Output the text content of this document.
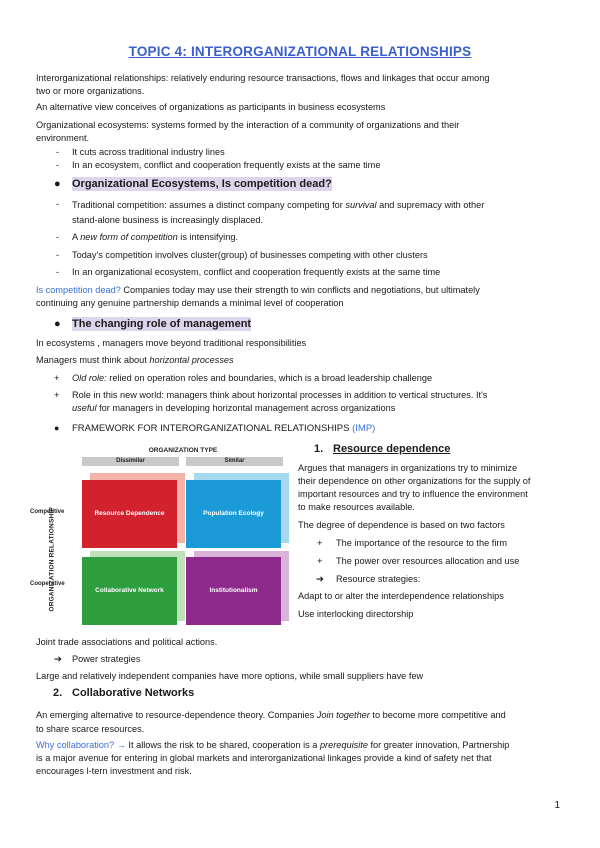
TOPIC 4: INTERORGANIZATIONAL RELATIONSHIPS
Interorganizational relationships: relatively enduring resource transactions, flows and linkages that occur among
two or more organizations.
An alternative view conceives of organizations as participants in business ecosystems
Organizational ecosystems: systems formed by the interaction of a community of organizations and their
environment.
- It cuts across traditional industry lines
- In an ecosystem, conflict and cooperation frequently exists at the same time
● Organizational Ecosystems, Is competition dead?
- Traditional competition: assumes a distinct company competing for survival and supremacy with other
stand-alone business is increasingly displaced.
- A new form of competition is intensifying.
- Today's competition involves cluster(group) of businesses competing with other clusters
- In an organizational ecosystem, conflict and cooperation frequently exists at the same time
Is competition dead? Companies today may use their strength to win conflicts and negotiations, but ultimately
continuing any genuine partnership demands a minimal level of cooperation
● The changing role of management
In ecosystems , managers move beyond traditional responsibilities
Managers must think about horizontal processes
+ Old role: relied on operation roles and boundaries, which is a broad leadership challenge
+ Role in this new world: managers think about horizontal processes in addition to vertical structures. It's
useful for managers in developing horizontal management across organizations
● FRAMEWORK FOR INTERORGANIZATIONAL RELATIONSHIPS (IMP)
ORGANIZATION RELATIONSHIP
ORGANIZATION TYPE
Dissimilar	Similar
Competitive
Cooperative
Resource Dependence	Population Ecology
Collaborative Network	Institutionalism
1. Resource dependence
Argues that managers in organizations try to minimize
their dependence on other organizations for the supply of
important resources and try to influence the environment
to make resources available.
The degree of dependence is based on two factors
+ The importance of the resource to the firm
+ The power over resources allocation and use
➔ Resource strategies:
Adapt to or alter the interdependence relationships
Use interlocking directorship
Joint trade associations and political actions.
➔ Power strategies
Large and relatively independent companies have more options, while small suppliers have few
2. Collaborative Networks
An emerging alternative to resource-dependence theory. Companies Join together to become more competitive and
to share scarce resources.
Why collaboration? → It allows the risk to be shared, cooperation is a prerequisite for greater innovation, Partnership
is a major avenue for entering in global markets and interorganizational linkages provide a kind of safety net that
encourages l-tern investment and risk.
1
